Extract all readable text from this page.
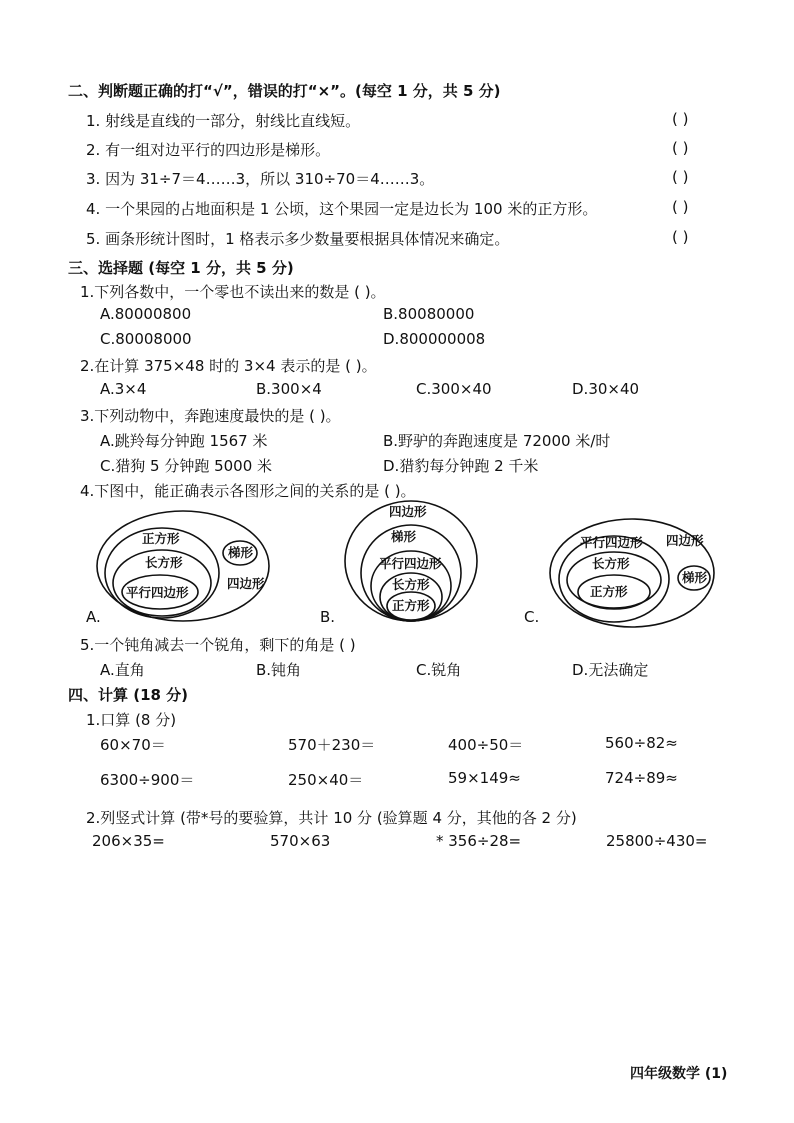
二、判断题正确的打“√”，错误的打“×”。(每空 1 分，共 5 分)
1. 射线是直线的一部分，射线比直线短。	( )
2. 有一组对边平行的四边形是梯形。	( )
3. 因为 31÷7＝4……3，所以 310÷70＝4……3。	( )
4. 一个果园的占地面积是 1 公顷，这个果园一定是边长为 100 米的正方形。	( )
5. 画条形统计图时，1 格表示多少数量要根据具体情况来确定。	( )
三、选择题 (每空 1 分，共 5 分)
1.下列各数中，一个零也不读出来的数是 ( )。
A.80000800	B.80080000
C.80008000	D.800000008
2.在计算 375×48 时的 3×4 表示的是 ( )。
A.3×4	B.300×4	C.300×40	D.30×40
3.下列动物中，奔跑速度最快的是 ( )。
A.跳羚每分钟跑 1567 米	B.野驴的奔跑速度是 72000 米/时
C.猎狗 5 分钟跑 5000 米	D.猎豹每分钟跑 2 千米
4.下图中，能正确表示各图形之间的关系的是 ( )。
正方形
长方形
平行四边形
梯形
四边形
A.
四边形
梯形
平行四边形
长方形
正方形
B.
平行四边形 四边形
长方形
正方形
梯形
C.
5.一个钝角减去一个锐角，剩下的角是 ( )
A.直角	B.钝角	C.锐角	D.无法确定
四、计算 (18 分)
1.口算 (8 分)
60×70＝	570＋230＝	400÷50＝	560÷82≈
6300÷900＝	250×40＝	59×149≈	724÷89≈
2.列竖式计算 (带*号的要验算，共计 10 分 (验算题 4 分，其他的各 2 分)
206×35=	570×63	* 356÷28=	25800÷430=
四年级数学 (1)
